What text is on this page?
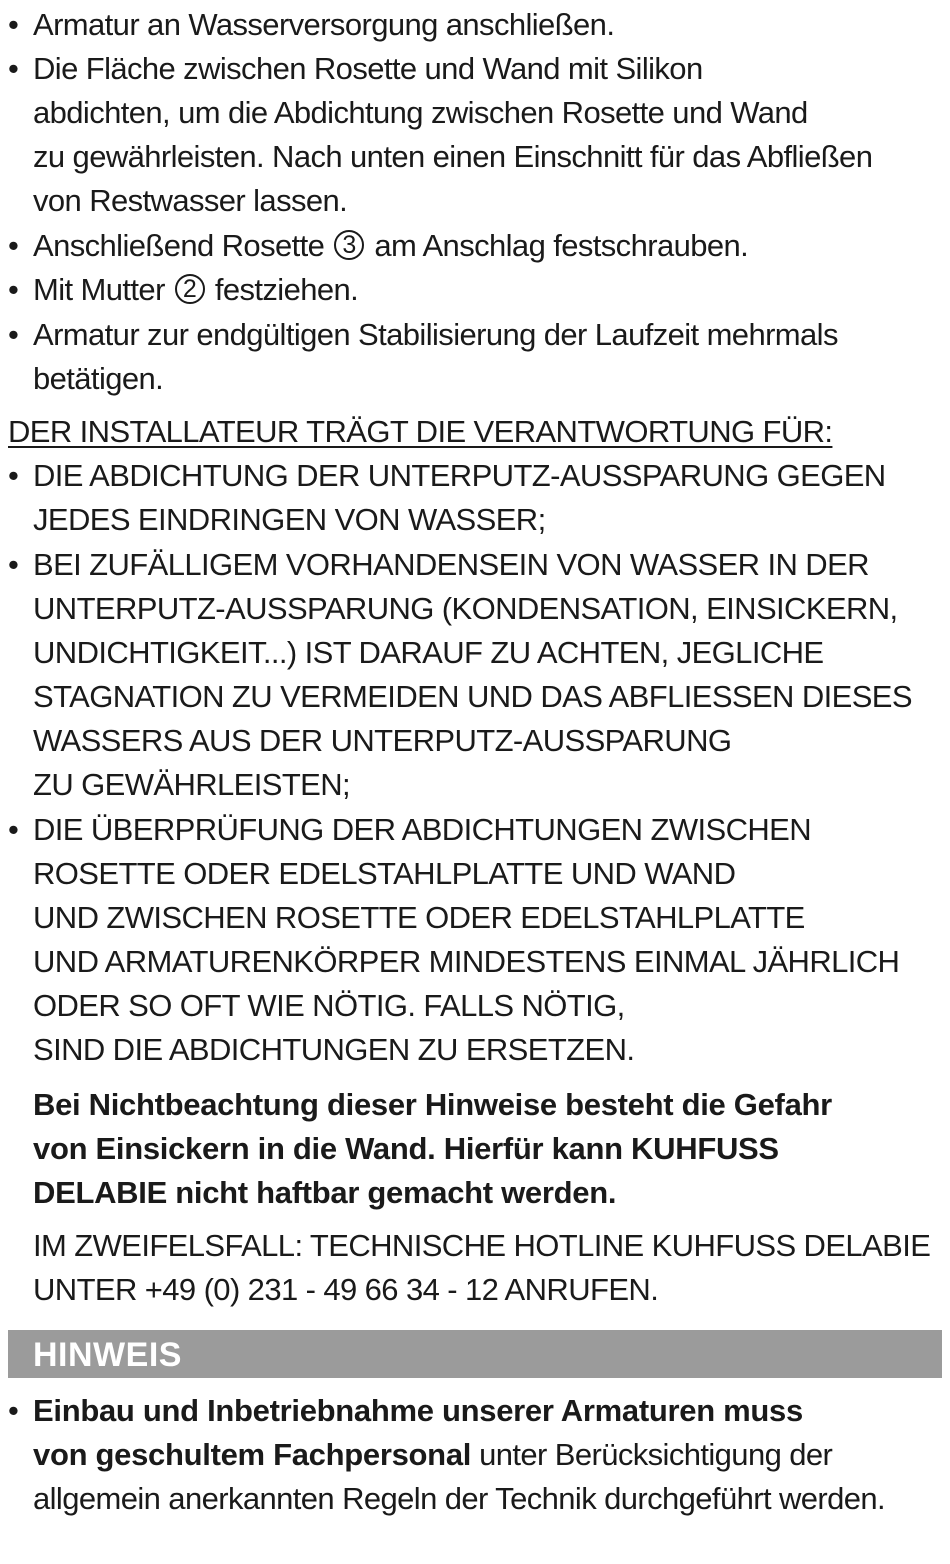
• Armatur an Wasserversorgung anschließen.
• Die Fläche zwischen Rosette und Wand mit Silikon
abdichten, um die Abdichtung zwischen Rosette und Wand
zu gewährleisten. Nach unten einen Einschnitt für das Abfließen
von Restwasser lassen.
• Anschließend Rosette 3 am Anschlag festschrauben.
• Mit Mutter 2 festziehen.
• Armatur zur endgültigen Stabilisierung der Laufzeit mehrmals
betätigen.
DER INSTALLATEUR TRÄGT DIE VERANTWORTUNG FÜR:
• DIE ABDICHTUNG DER UNTERPUTZ-AUSSPARUNG GEGEN
JEDES EINDRINGEN VON WASSER;
• BEI ZUFÄLLIGEM VORHANDENSEIN VON WASSER IN DER
UNTERPUTZ-AUSSPARUNG (KONDENSATION, EINSICKERN,
UNDICHTIGKEIT...) IST DARAUF ZU ACHTEN, JEGLICHE
STAGNATION ZU VERMEIDEN UND DAS ABFLIESSEN DIESES
WASSERS AUS DER UNTERPUTZ-AUSSPARUNG
ZU GEWÄHRLEISTEN;
• DIE ÜBERPRÜFUNG DER ABDICHTUNGEN ZWISCHEN
ROSETTE ODER EDELSTAHLPLATTE UND WAND
UND ZWISCHEN ROSETTE ODER EDELSTAHLPLATTE
UND ARMATURENKÖRPER MINDESTENS EINMAL JÄHRLICH
ODER SO OFT WIE NÖTIG. FALLS NÖTIG,
SIND DIE ABDICHTUNGEN ZU ERSETZEN.
Bei Nichtbeachtung dieser Hinweise besteht die Gefahr
von Einsickern in die Wand. Hierfür kann KUHFUSS
DELABIE nicht haftbar gemacht werden.
IM ZWEIFELSFALL: TECHNISCHE HOTLINE KUHFUSS DELABIE
UNTER +49 (0) 231 - 49 66 34 - 12 ANRUFEN.
HINWEIS
• Einbau und Inbetriebnahme unserer Armaturen muss
von geschultem Fachpersonal unter Berücksichtigung der
allgemein anerkannten Regeln der Technik durchgeführt werden.
